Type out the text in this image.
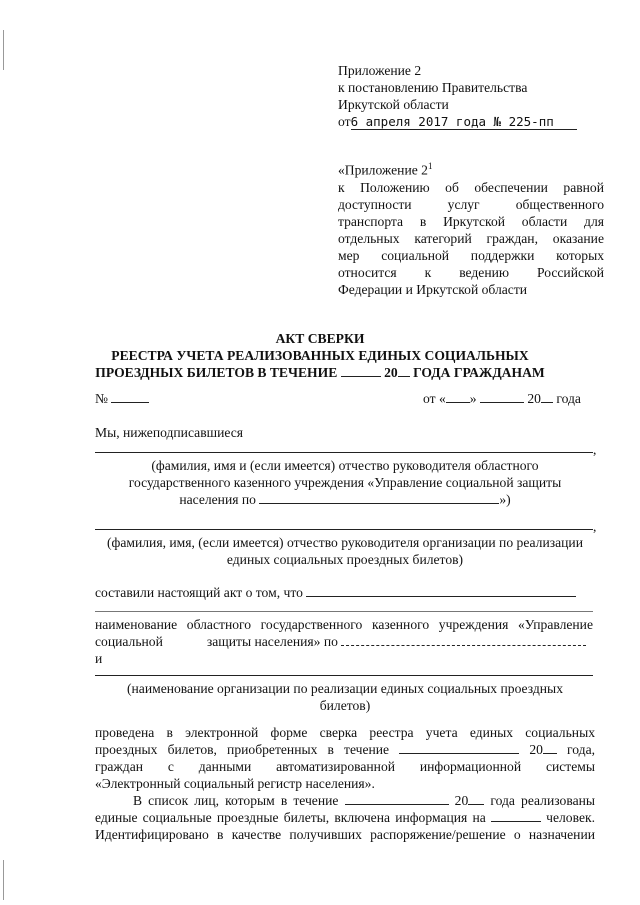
Приложение 2
к постановлению Правительства
Иркутской области
от6 апреля 2017 года № 225-пп
«Приложение $2^1$
к Положению об обеспечении равной
доступности услуг общественного
транспорта в Иркутской области для
отдельных категорий граждан, оказание
мер социальной поддержки которых
относится к ведению Российской
Федерации и Иркутской области
АКТ СВЕРКИ
РЕЕСТРА УЧЕТА РЕАЛИЗОВАННЫХ ЕДИНЫХ СОЦИАЛЬНЫХ
ПРОЕЗДНЫХ БИЛЕТОВ В ТЕЧЕНИЕ	20 ГОДА ГРАЖДАНАМ
№	от « »	20 года
Мы, нижеподписавшиеся
,
(фамилия, имя и (если имеется) отчество руководителя областного
государственного казенного учреждения «Управление социальной защиты
населения по	»)
,
(фамилия, имя, (если имеется) отчество руководителя организации по реализации
единых социальных проездных билетов)
составили настоящий акт о том, что
наименование областного государственного казенного учреждения «Управление
социальной	защиты населения» по и
(наименование организации по реализации единых социальных проездных
билетов)
проведена в электронной форме сверка реестра учета единых социальных
проездных билетов, приобретенных в течение	20 года,
граждан с данными автоматизированной информационной системы
«Электронный социальный регистр населения».
В список лиц, которым в течение	20 года реализованы
единые социальные проездные билеты, включена информация на	человек.
Идентифицировано в качестве получивших распоряжение/решение о назначении
